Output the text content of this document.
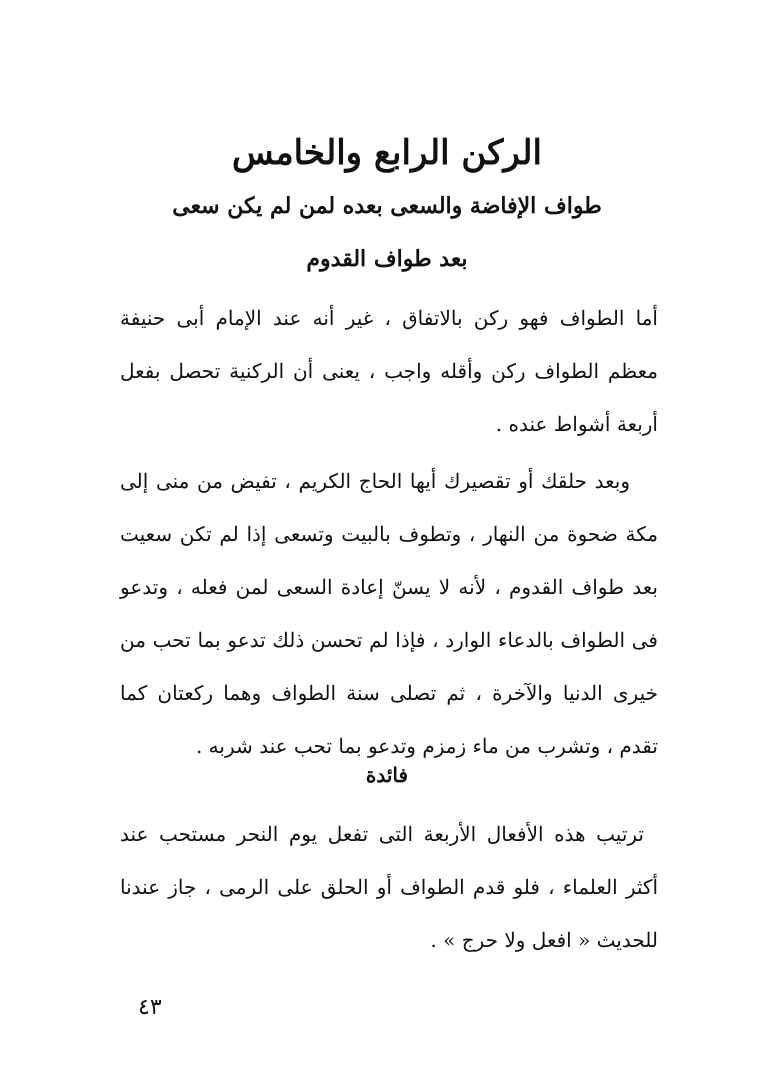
الركن الرابع والخامس
طواف الإفاضة والسعى بعده لمن لم يكن سعى
بعد طواف القدوم

أما الطواف فهو ركن بالاتفاق ، غير أنه عند الإمام أبى حنيفة معظم الطواف ركن وأقله واجب ، يعنى أن الركنية تحصل بفعل أربعة أشواط عنده .

وبعد حلقك أو تقصيرك أيها الحاج الكريم ، تفيض من منى إلى مكة ضحوة من النهار ، وتطوف بالبيت وتسعى إذا لم تكن سعيت بعد طواف القدوم ، لأنه لا يسنّ إعادة السعى لمن فعله ، وتدعو فى الطواف بالدعاء الوارد ، فإذا لم تحسن ذلك تدعو بما تحب من خيرى الدنيا والآخرة ، ثم تصلى سنة الطواف وهما ركعتان كما تقدم ، وتشرب من ماء زمزم وتدعو بما تحب عند شربه .

فائدة

ترتيب هذه الأفعال الأربعة التى تفعل يوم النحر مستحب عند أكثر العلماء ، فلو قدم الطواف أو الحلق على الرمى ، جاز عندنا للحديث « افعل ولا حرج » .

٤٣
